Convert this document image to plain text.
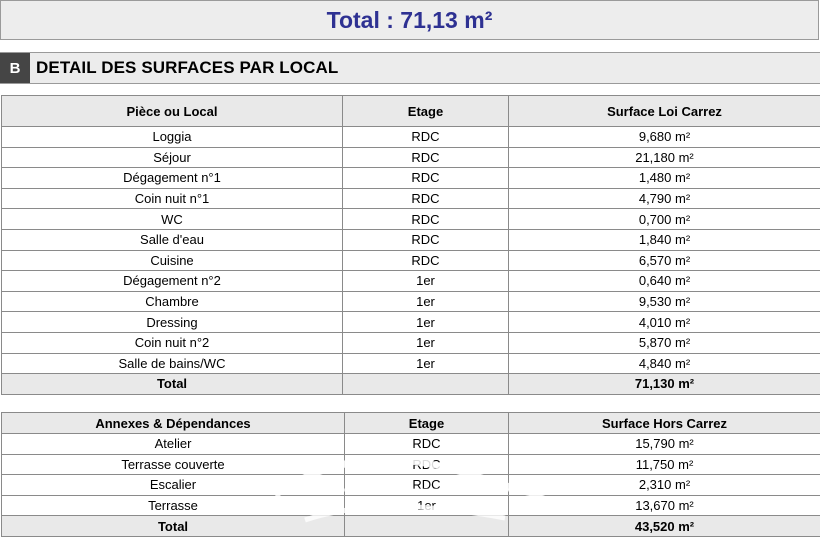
Total : 71,13 m²
B DETAIL DES SURFACES PAR LOCAL
Pièce ou Local	Etage	Surface Loi Carrez
Loggia	RDC	9,680 m²
Séjour	RDC	21,180 m²
Dégagement n°1	RDC	1,480 m²
Coin nuit n°1	RDC	4,790 m²
WC	RDC	0,700 m²
Salle d'eau	RDC	1,840 m²
Cuisine	RDC	6,570 m²
Dégagement n°2	1er	0,640 m²
Chambre	1er	9,530 m²
Dressing	1er	4,010 m²
Coin nuit n°2	1er	5,870 m²
Salle de bains/WC	1er	4,840 m²
Total		71,130 m²
Annexes & Dépendances	Etage	Surface Hors Carrez
Atelier	RDC	15,790 m²
Terrasse couverte	RDC	11,750 m²
Escalier	RDC	2,310 m²
Terrasse	1er	13,670 m²
Total		43,520 m²
